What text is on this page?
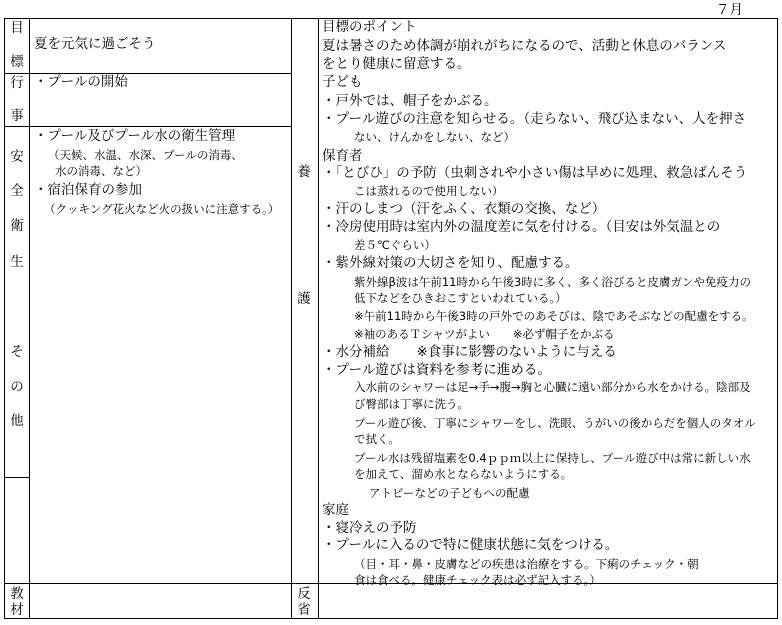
７月
目
標
夏を元気に過ごそう
行
事
・プールの開始
安
全
衛
生
そ
の
他
・プール及びプール水の衛生管理
（天候、水温、水深、プールの消毒、
水の消毒、など）
・宿泊保育の参加
（クッキング花火など火の扱いに注意する。）
教
材
養
護
反
省
目標のポイント
夏は暑さのため体調が崩れがちになるので、活動と休息のバランス
をとり健康に留意する。
子ども
・戸外では、帽子をかぶる。
・プール遊びの注意を知らせる。（走らない、飛び込まない、人を押さ
ない、けんかをしない、など）
保育者
・「とびひ」の予防（虫刺されや小さい傷は早めに処理、救急ばんそう
こは蒸れるので使用しない）
・汗のしまつ（汗をふく、衣類の交換、など）
・冷房使用時は室内外の温度差に気を付ける。（目安は外気温との
差５℃ぐらい）
・紫外線対策の大切さを知り、配慮する。
紫外線β波は午前11時から午後3時に多く、多く浴びると皮膚ガンや免疫力の
低下などをひきおこすといわれている。）
※午前11時から午後3時の戸外でのあそびは、陰であそぶなどの配慮をする。
※袖のあるＴシャツがよい　　※必ず帽子をかぶる
・水分補給　　※食事に影響のないように与える
・プール遊びは資料を参考に進める。
入水前のシャワーは足→手→腹→胸と心臓に遠い部分から水をかける。陰部及
び臀部は丁寧に洗う。
プール遊び後、丁寧にシャワーをし、洗眼、うがいの後からだを個人のタオル
で拭く。
プール水は残留塩素を0.4ｐｐｍ以上に保持し、プール遊び中は常に新しい水
を加えて、溜め水とならないようにする。
アトピーなどの子どもへの配慮
家庭
・寝冷えの予防
・プールに入るので特に健康状態に気をつける。
（目・耳・鼻・皮膚などの疾患は治療をする。下痢のチェック・朝
食は食べる。健康チェック表は必ず記入する。）
